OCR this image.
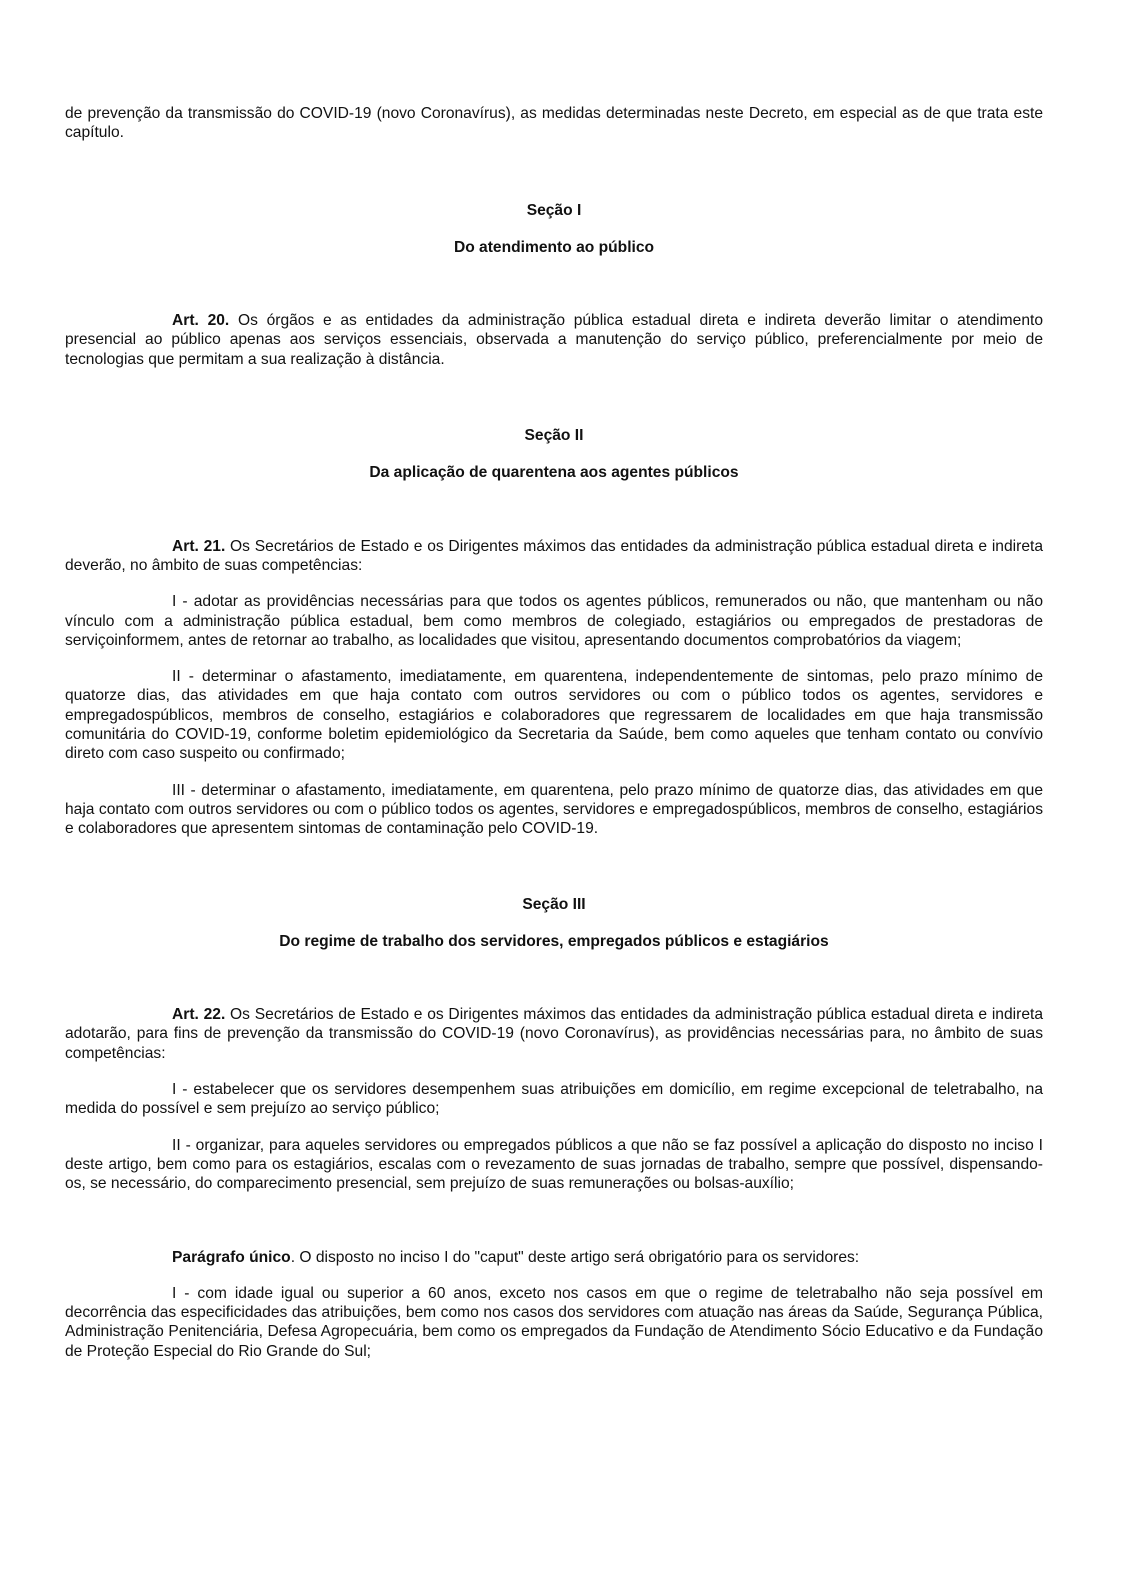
de prevenção da transmissão do COVID-19 (novo Coronavírus), as medidas determinadas neste Decreto, em especial as de que trata este capítulo.

Seção I

Do atendimento ao público

Art. 20. Os órgãos e as entidades da administração pública estadual direta e indireta deverão limitar o atendimento presencial ao público apenas aos serviços essenciais, observada a manutenção do serviço público, preferencialmente por meio de tecnologias que permitam a sua realização à distância.

Seção II

Da aplicação de quarentena aos agentes públicos

Art. 21. Os Secretários de Estado e os Dirigentes máximos das entidades da administração pública estadual direta e indireta deverão, no âmbito de suas competências:

I - adotar as providências necessárias para que todos os agentes públicos, remunerados ou não, que mantenham ou não vínculo com a administração pública estadual, bem como membros de colegiado, estagiários ou empregados de prestadoras de serviçoinformem, antes de retornar ao trabalho, as localidades que visitou, apresentando documentos comprobatórios da viagem;

II - determinar o afastamento, imediatamente, em quarentena, independentemente de sintomas, pelo prazo mínimo de quatorze dias, das atividades em que haja contato com outros servidores ou com o público todos os agentes, servidores e empregadospúblicos, membros de conselho, estagiários e colaboradores que regressarem de localidades em que haja transmissão comunitária do COVID-19, conforme boletim epidemiológico da Secretaria da Saúde, bem como aqueles que tenham contato ou convívio direto com caso suspeito ou confirmado;

III - determinar o afastamento, imediatamente, em quarentena, pelo prazo mínimo de quatorze dias, das atividades em que haja contato com outros servidores ou com o público todos os agentes, servidores e empregadospúblicos, membros de conselho, estagiários e colaboradores que apresentem sintomas de contaminação pelo COVID-19.

Seção III

Do regime de trabalho dos servidores, empregados públicos e estagiários

Art. 22. Os Secretários de Estado e os Dirigentes máximos das entidades da administração pública estadual direta e indireta adotarão, para fins de prevenção da transmissão do COVID-19 (novo Coronavírus), as providências necessárias para, no âmbito de suas competências:

I - estabelecer que os servidores desempenhem suas atribuições em domicílio, em regime excepcional de teletrabalho, na medida do possível e sem prejuízo ao serviço público;

II - organizar, para aqueles servidores ou empregados públicos a que não se faz possível a aplicação do disposto no inciso I deste artigo, bem como para os estagiários, escalas com o revezamento de suas jornadas de trabalho, sempre que possível, dispensando-os, se necessário, do comparecimento presencial, sem prejuízo de suas remunerações ou bolsas-auxílio;

Parágrafo único. O disposto no inciso I do "caput" deste artigo será obrigatório para os servidores:

I - com idade igual ou superior a 60 anos, exceto nos casos em que o regime de teletrabalho não seja possível em decorrência das especificidades das atribuições, bem como nos casos dos servidores com atuação nas áreas da Saúde, Segurança Pública, Administração Penitenciária, Defesa Agropecuária, bem como os empregados da Fundação de Atendimento Sócio Educativo e da Fundação de Proteção Especial do Rio Grande do Sul;
